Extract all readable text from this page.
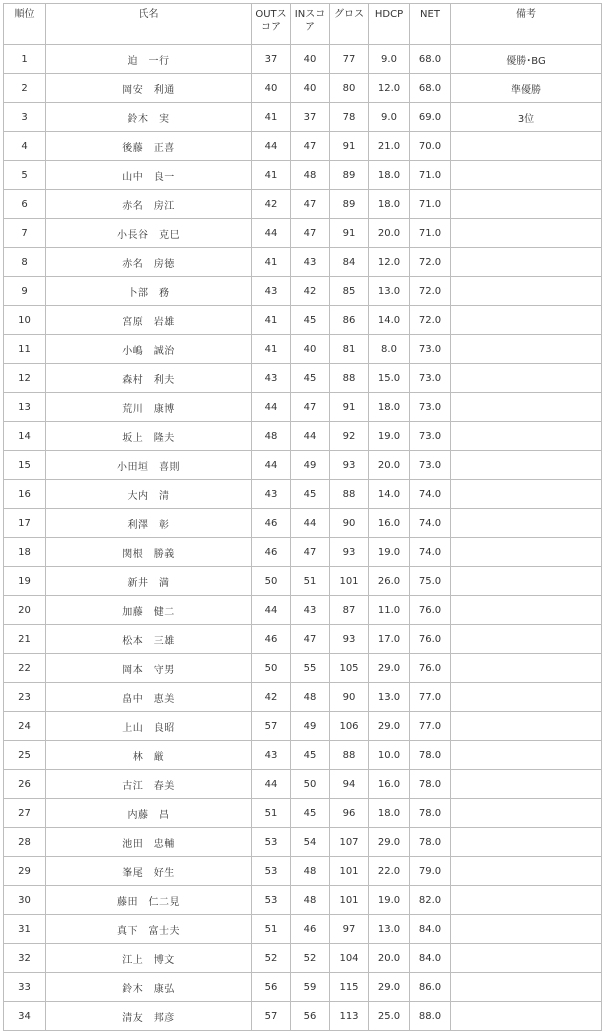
順位	氏名	OUTスコア	INスコア	グロス	HDCP	NET	備考
1	迫　一行	37	40	77	9.0	68.0	優勝･BG
2	岡安　利通	40	40	80	12.0	68.0	準優勝
3	鈴木　実	41	37	78	9.0	69.0	3位
4	後藤　正喜	44	47	91	21.0	70.0	
5	山中　良一	41	48	89	18.0	71.0	
6	赤名　房江	42	47	89	18.0	71.0	
7	小長谷　克巳	44	47	91	20.0	71.0	
8	赤名　房徳	41	43	84	12.0	72.0	
9	卜部　務	43	42	85	13.0	72.0	
10	宮原　岩雄	41	45	86	14.0	72.0	
11	小嶋　誠治	41	40	81	8.0	73.0	
12	森村　利夫	43	45	88	15.0	73.0	
13	荒川　康博	44	47	91	18.0	73.0	
14	坂上　隆夫	48	44	92	19.0	73.0	
15	小田垣　喜則	44	49	93	20.0	73.0	
16	大内　清	43	45	88	14.0	74.0	
17	利澤　彰	46	44	90	16.0	74.0	
18	関根　勝義	46	47	93	19.0	74.0	
19	新井　満	50	51	101	26.0	75.0	
20	加藤　健二	44	43	87	11.0	76.0	
21	松本　三雄	46	47	93	17.0	76.0	
22	岡本　守男	50	55	105	29.0	76.0	
23	畠中　恵美	42	48	90	13.0	77.0	
24	上山　良昭	57	49	106	29.0	77.0	
25	林　厳	43	45	88	10.0	78.0	
26	古江　春美	44	50	94	16.0	78.0	
27	内藤　昌	51	45	96	18.0	78.0	
28	池田　忠輔	53	54	107	29.0	78.0	
29	峯尾　好生	53	48	101	22.0	79.0	
30	藤田　仁二見	53	48	101	19.0	82.0	
31	真下　富士夫	51	46	97	13.0	84.0	
32	江上　博文	52	52	104	20.0	84.0	
33	鈴木　康弘	56	59	115	29.0	86.0	
34	清友　邦彦	57	56	113	25.0	88.0	
